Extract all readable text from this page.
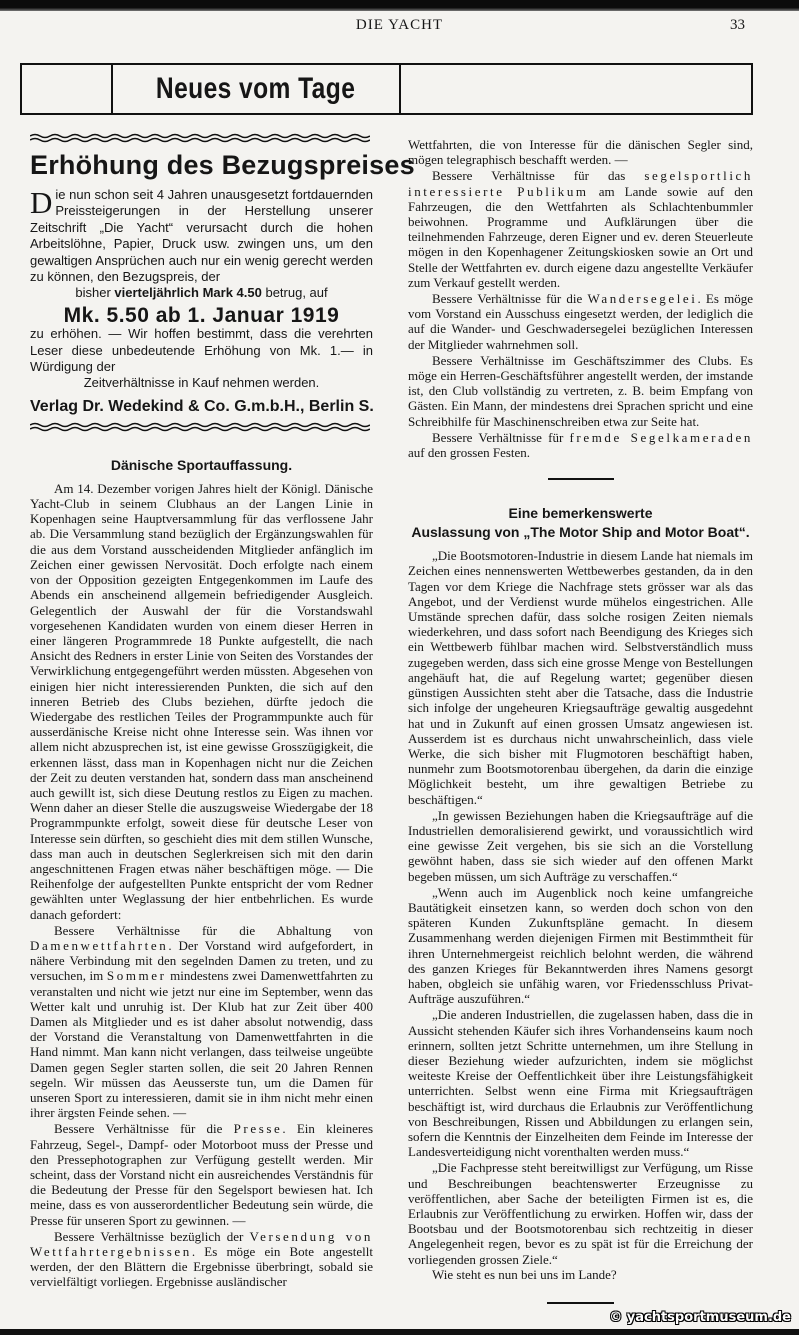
DIE YACHT	33
Neues vom Tage
Erhöhung des Bezugspreises
Die nun schon seit 4 Jahren unausgesetzt fortdauernden Preissteigerungen in der Herstellung unserer Zeitschrift „Die Yacht“ verursacht durch die hohen Arbeitslöhne, Papier, Druck usw. zwingen uns, um den gewaltigen Ansprüchen auch nur ein wenig gerecht werden zu können, den Bezugspreis, der
bisher vierteljährlich Mark 4.50 betrug, auf
Mk. 5.50 ab 1. Januar 1919
zu erhöhen. — Wir hoffen bestimmt, dass die verehrten Leser diese unbedeutende Erhöhung von Mk. 1.— in Würdigung der
Zeitverhältnisse in Kauf nehmen werden.
Verlag Dr. Wedekind & Co. G.m.b.H., Berlin S.
Dänische Sportauffassung.

Am 14. Dezember vorigen Jahres hielt der Königl. Dänische Yacht-Club in seinem Clubhaus an der Langen Linie in Kopenhagen seine Hauptversammlung für das verflossene Jahr ab. Die Versammlung stand bezüglich der Ergänzungswahlen für die aus dem Vorstand ausscheidenden Mitglieder anfänglich im Zeichen einer gewissen Nervosität. Doch erfolgte nach einem von der Opposition gezeigten Entgegenkommen im Laufe des Abends ein anscheinend allgemein befriedigender Ausgleich. Gelegentlich der Auswahl der für die Vorstandswahl vorgesehenen Kandidaten wurden von einem dieser Herren in einer längeren Programmrede 18 Punkte aufgestellt, die nach Ansicht des Redners in erster Linie von Seiten des Vorstandes der Verwirklichung entgegengeführt werden müssten. Abgesehen von einigen hier nicht interessierenden Punkten, die sich auf den inneren Betrieb des Clubs beziehen, dürfte jedoch die Wiedergabe des restlichen Teiles der Programmpunkte auch für ausserdänische Kreise nicht ohne Interesse sein. Was ihnen vor allem nicht abzusprechen ist, ist eine gewisse Grosszügigkeit, die erkennen lässt, dass man in Kopenhagen nicht nur die Zeichen der Zeit zu deuten verstanden hat, sondern dass man anscheinend auch gewillt ist, sich diese Deutung restlos zu Eigen zu machen. Wenn daher an dieser Stelle die auszugsweise Wiedergabe der 18 Programmpunkte erfolgt, soweit diese für deutsche Leser von Interesse sein dürften, so geschieht dies mit dem stillen Wunsche, dass man auch in deutschen Seglerkreisen sich mit den darin angeschnittenen Fragen etwas näher beschäftigen möge. — Die Reihenfolge der aufgestellten Punkte entspricht der vom Redner gewählten unter Weglassung der hier entbehrlichen. Es wurde danach gefordert:

Bessere Verhältnisse für die Abhaltung von Damenwettfahrten. Der Vorstand wird aufgefordert, in nähere Verbindung mit den segelnden Damen zu treten, und zu versuchen, im Sommer mindestens zwei Damenwettfahrten zu veranstalten und nicht wie jetzt nur eine im September, wenn das Wetter kalt und unruhig ist. Der Klub hat zur Zeit über 400 Damen als Mitglieder und es ist daher absolut notwendig, dass der Vorstand die Veranstaltung von Damenwettfahrten in die Hand nimmt. Man kann nicht verlangen, dass teilweise ungeübte Damen gegen Segler starten sollen, die seit 20 Jahren Rennen segeln. Wir müssen das Aeusserste tun, um die Damen für unseren Sport zu interessieren, damit sie in ihm nicht mehr einen ihrer ärgsten Feinde sehen. —

Bessere Verhältnisse für die Presse. Ein kleineres Fahrzeug, Segel-, Dampf- oder Motorboot muss der Presse und den Pressephotographen zur Verfügung gestellt werden. Mir scheint, dass der Vorstand nicht ein ausreichendes Verständnis für die Bedeutung der Presse für den Segelsport bewiesen hat. Ich meine, dass es von ausserordentlicher Bedeutung sein würde, die Presse für unseren Sport zu gewinnen. —

Bessere Verhältnisse bezüglich der Versendung von Wettfahrtergebnissen. Es möge ein Bote angestellt werden, der den Blättern die Ergebnisse überbringt, sobald sie vervielfältigt vorliegen. Ergebnisse ausländischer

Wettfahrten, die von Interesse für die dänischen Segler sind, mögen telegraphisch beschafft werden. —

Bessere Verhältnisse für das segelsportlich interessierte Publikum am Lande sowie auf den Fahrzeugen, die den Wettfahrten als Schlachtenbummler beiwohnen. Programme und Aufklärungen über die teilnehmenden Fahrzeuge, deren Eigner und ev. deren Steuerleute mögen in den Kopenhagener Zeitungskiosken sowie an Ort und Stelle der Wettfahrten ev. durch eigene dazu angestellte Verkäufer zum Verkauf gestellt werden.

Bessere Verhältnisse für die Wandersegelei. Es möge vom Vorstand ein Ausschuss eingesetzt werden, der lediglich die auf die Wander- und Geschwadersegelei bezüglichen Interessen der Mitglieder wahrnehmen soll.

Bessere Verhältnisse im Geschäftszimmer des Clubs. Es möge ein Herren-Geschäftsführer angestellt werden, der imstande ist, den Club vollständig zu vertreten, z. B. beim Empfang von Gästen. Ein Mann, der mindestens drei Sprachen spricht und eine Schreibhilfe für Maschinenschreiben etwa zur Seite hat.

Bessere Verhältnisse für fremde Segelkameraden auf den grossen Festen.

Eine bemerkenswerte
Auslassung von „The Motor Ship and Motor Boat“.

„Die Bootsmotoren-Industrie in diesem Lande hat niemals im Zeichen eines nennenswerten Wettbewerbes gestanden, da in den Tagen vor dem Kriege die Nachfrage stets grösser war als das Angebot, und der Verdienst wurde mühelos eingestrichen. Alle Umstände sprechen dafür, dass solche rosigen Zeiten niemals wiederkehren, und dass sofort nach Beendigung des Krieges sich ein Wettbewerb fühlbar machen wird. Selbstverständlich muss zugegeben werden, dass sich eine grosse Menge von Bestellungen angehäuft hat, die auf Regelung wartet; gegenüber diesen günstigen Aussichten steht aber die Tatsache, dass die Industrie sich infolge der ungeheuren Kriegsaufträge gewaltig ausgedehnt hat und in Zukunft auf einen grossen Umsatz angewiesen ist. Ausserdem ist es durchaus nicht unwahrscheinlich, dass viele Werke, die sich bisher mit Flugmotoren beschäftigt haben, nunmehr zum Bootsmotorenbau übergehen, da darin die einzige Möglichkeit besteht, um ihre gewaltigen Betriebe zu beschäftigen.“

„In gewissen Beziehungen haben die Kriegsaufträge auf die Industriellen demoralisierend gewirkt, und voraussichtlich wird eine gewisse Zeit vergehen, bis sie sich an die Vorstellung gewöhnt haben, dass sie sich wieder auf den offenen Markt begeben müssen, um sich Aufträge zu verschaffen.“

„Wenn auch im Augenblick noch keine umfangreiche Bautätigkeit einsetzen kann, so werden doch schon von den späteren Kunden Zukunftspläne gemacht. In diesem Zusammenhang werden diejenigen Firmen mit Bestimmtheit für ihren Unternehmergeist reichlich belohnt werden, die während des ganzen Krieges für Bekanntwerden ihres Namens gesorgt haben, obgleich sie unfähig waren, vor Friedensschluss Privat-Aufträge auszuführen.“

„Die anderen Industriellen, die zugelassen haben, dass die in Aussicht stehenden Käufer sich ihres Vorhandenseins kaum noch erinnern, sollten jetzt Schritte unternehmen, um ihre Stellung in dieser Beziehung wieder aufzurichten, indem sie möglichst weiteste Kreise der Oeffentlichkeit über ihre Leistungsfähigkeit unterrichten. Selbst wenn eine Firma mit Kriegsaufträgen beschäftigt ist, wird durchaus die Erlaubnis zur Veröffentlichung von Beschreibungen, Rissen und Abbildungen zu erlangen sein, sofern die Kenntnis der Einzelheiten dem Feinde im Interesse der Landesverteidigung nicht vorenthalten werden muss.“

„Die Fachpresse steht bereitwilligst zur Verfügung, um Risse und Beschreibungen beachtenswerter Erzeugnisse zu veröffentlichen, aber Sache der beteiligten Firmen ist es, die Erlaubnis zur Veröffentlichung zu erwirken. Hoffen wir, dass der Bootsbau und der Bootsmotorenbau sich rechtzeitig in dieser Angelegenheit regen, bevor es zu spät ist für die Erreichung der vorliegenden grossen Ziele.“

Wie steht es nun bei uns im Lande?

© yachtsportmuseum.de
